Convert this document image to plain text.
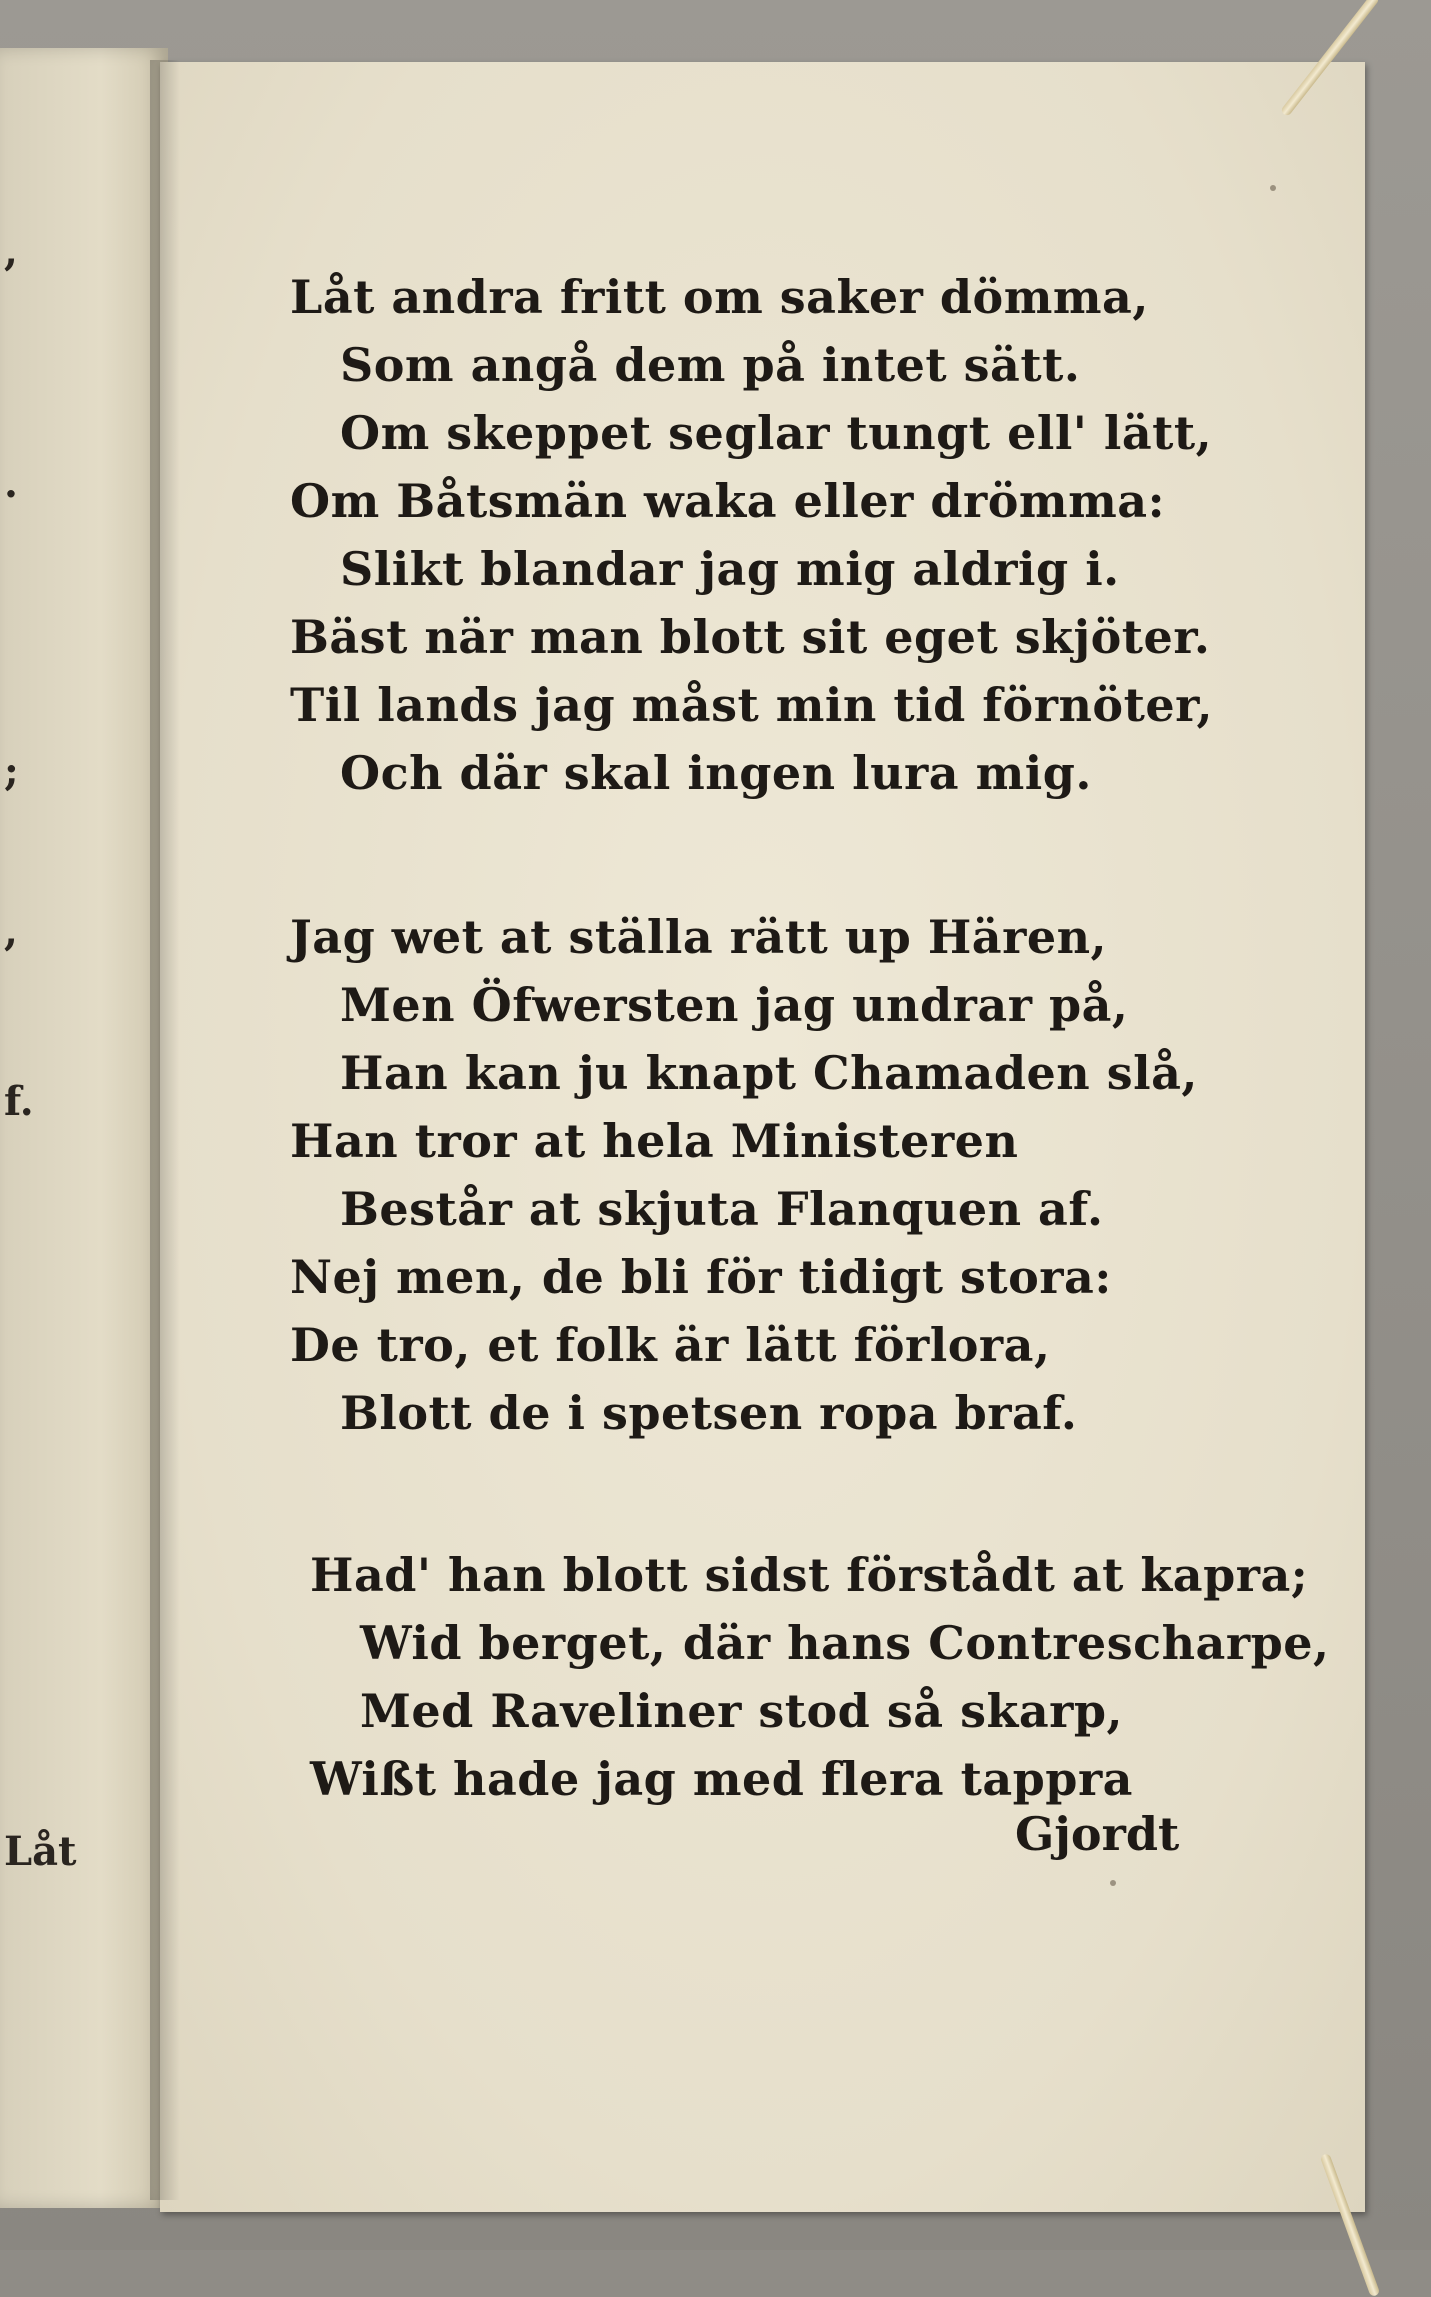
,
.
;
,
f.
Låt
Låt andra fritt om saker dömma,
Som angå dem på intet sätt.
Om skeppet seglar tungt ell' lätt,
Om Båtsmän waka eller drömma:
Slikt blandar jag mig aldrig i.
Bäst när man blott sit eget skjöter.
Til lands jag måst min tid förnöter,
Och där skal ingen lura mig.
Jag wet at ställa rätt up Hären,
Men Öfwersten jag undrar på,
Han kan ju knapt Chamaden slå,
Han tror at hela Ministeren
Består at skjuta Flanquen af.
Nej men, de bli för tidigt stora:
De tro, et folk är lätt förlora,
Blott de i spetsen ropa braf.
Had' han blott sidst förstådt at kapra;
Wid berget, där hans Contrescharpe,
Med Raveliner stod så skarp,
Wißt hade jag med flera tappra
Gjordt
